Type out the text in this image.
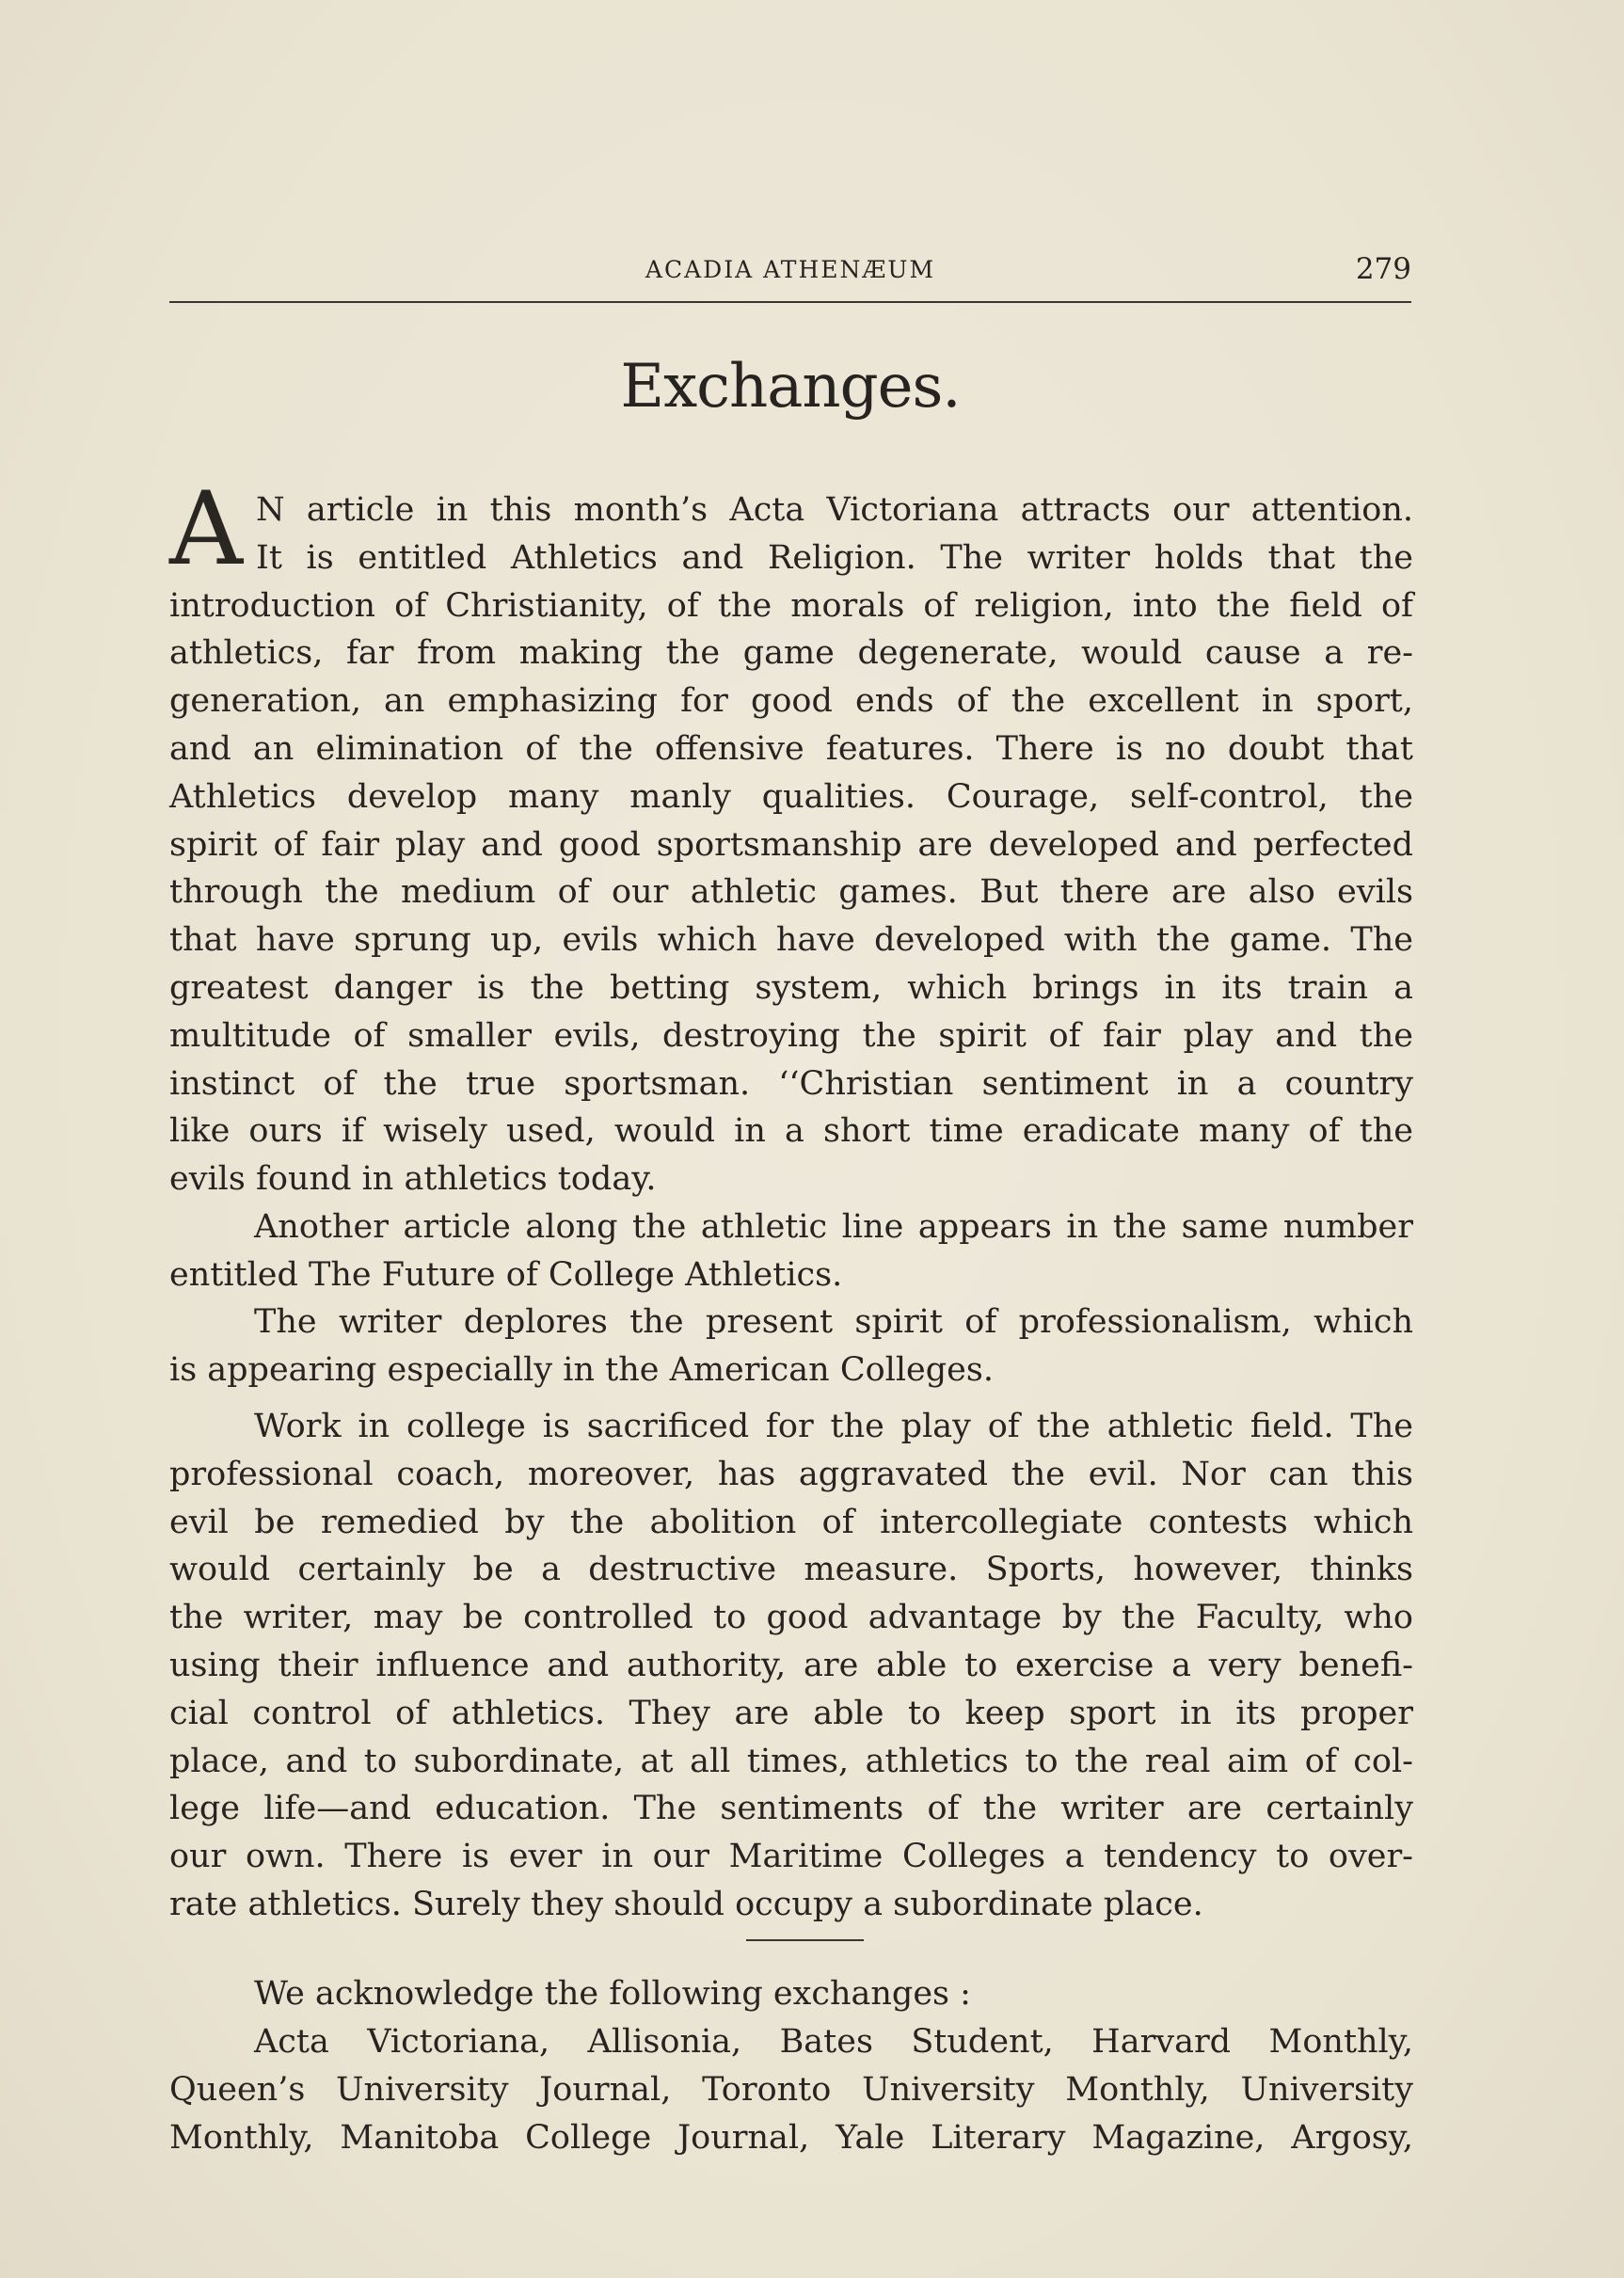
ACADIA ATHENÆUM	279
Exchanges.
A N article in this month’s Acta Victoriana attracts our attention.
It is entitled Athletics and Religion. The writer holds that the
introduction of Christianity, of the morals of religion, into the field of
athletics, far from making the game degenerate, would cause a re-
generation, an emphasizing for good ends of the excellent in sport,
and an elimination of the offensive features. There is no doubt that
Athletics develop many manly qualities. Courage, self-control, the
spirit of fair play and good sportsmanship are developed and perfected
through the medium of our athletic games. But there are also evils
that have sprung up, evils which have developed with the game. The
greatest danger is the betting system, which brings in its train a
multitude of smaller evils, destroying the spirit of fair play and the
instinct of the true sportsman. ‘‘Christian sentiment in a country
like ours if wisely used, would in a short time eradicate many of the
evils found in athletics today.
Another article along the athletic line appears in the same number
entitled The Future of College Athletics.
The writer deplores the present spirit of professionalism, which
is appearing especially in the American Colleges.
Work in college is sacrificed for the play of the athletic field. The
professional coach, moreover, has aggravated the evil. Nor can this
evil be remedied by the abolition of intercollegiate contests which
would certainly be a destructive measure. Sports, however, thinks
the writer, may be controlled to good advantage by the Faculty, who
using their influence and authority, are able to exercise a very benefi-
cial control of athletics. They are able to keep sport in its proper
place, and to subordinate, at all times, athletics to the real aim of col-
lege life—and education. The sentiments of the writer are certainly
our own. There is ever in our Maritime Colleges a tendency to over-
rate athletics. Surely they should occupy a subordinate place.
We acknowledge the following exchanges :
Acta Victoriana, Allisonia, Bates Student, Harvard Monthly,
Queen’s University Journal, Toronto University Monthly, University
Monthly, Manitoba College Journal, Yale Literary Magazine, Argosy,
